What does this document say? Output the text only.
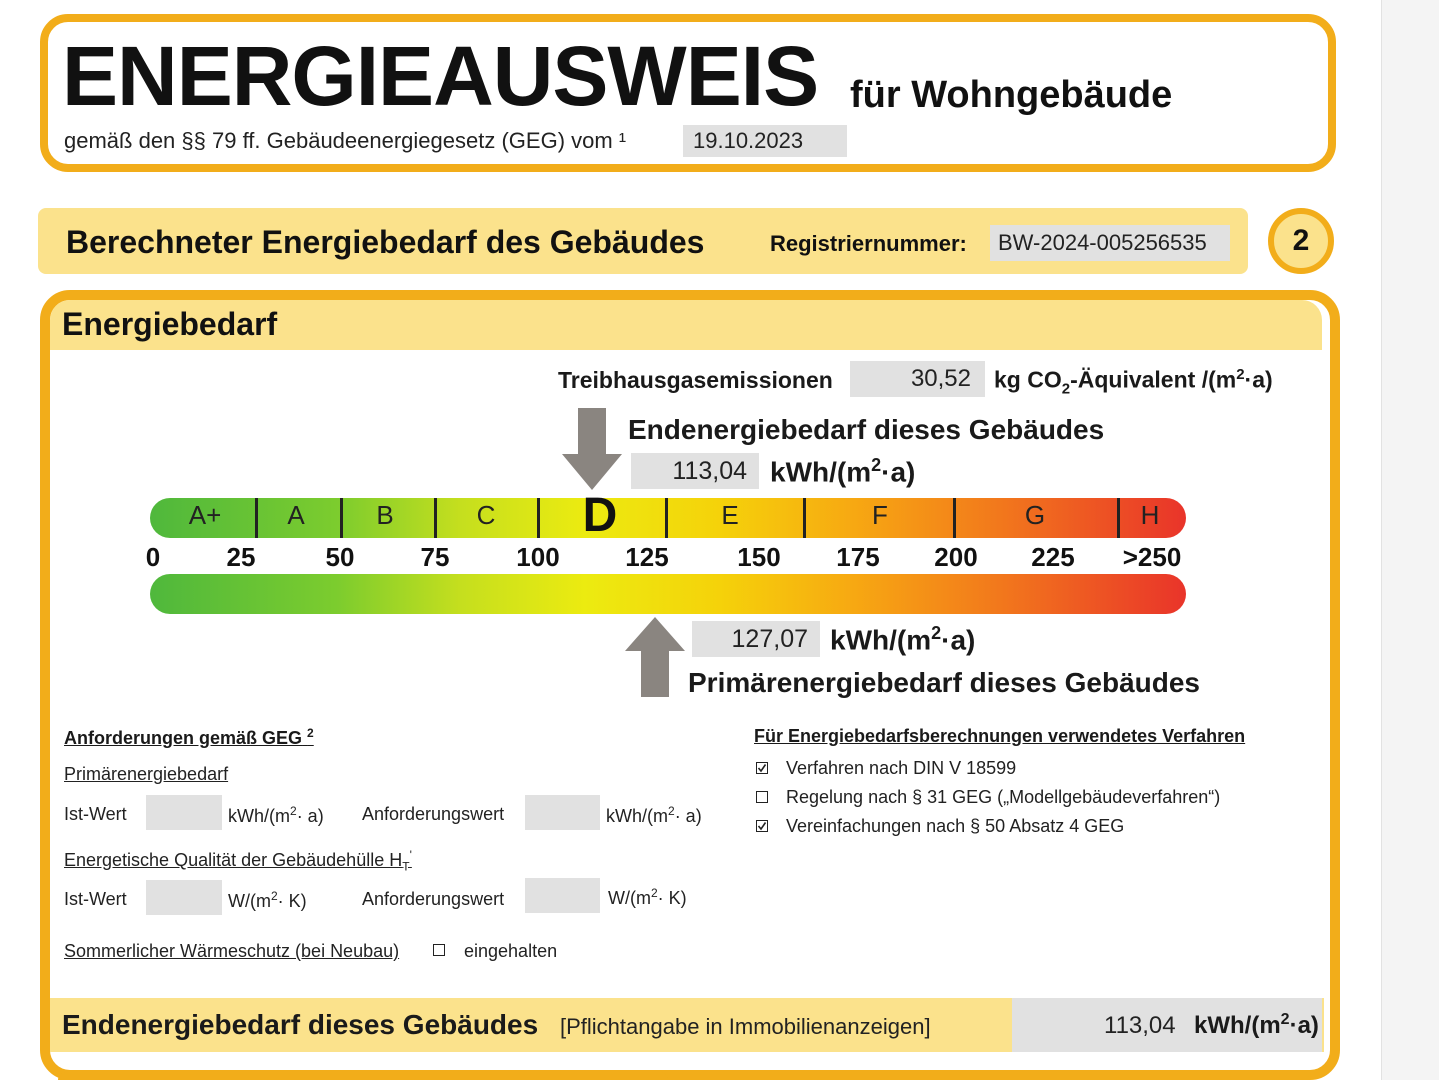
ENERGIEAUSWEIS für Wohngebäude
gemäß den §§ 79 ff. Gebäudeenergiegesetz (GEG) vom ¹	19.10.2023
Berechneter Energiebedarf des Gebäudes	Registriernummer:	BW-2024-005256535	2
Energiebedarf
Treibhausgasemissionen	30,52	kg $CO_2$-Äquivalent $/(m^2\cdot a)$
Endenergiebedarf dieses Gebäudes
113,04 kWh/$(m^2\cdot a)$
A+	A	B	C D	E	F	G	H
0	25	50	75	100	125	150 175 200 225 >250
127,07 kWh/$(m^2\cdot a)$
Primärenergiebedarf dieses Gebäudes
Anforderungen gemäß GEG $^2$
Primärenergiebedarf
Ist-Wert	kWh/$(m^2\cdot a)$ Anforderungswert	kWh/$(m^2\cdot a)$
Energetische Qualität der Gebäudehülle $H_T'$
Ist-Wert	$W/(m^2\cdot K)$	Anforderungswert	$W/(m^2\cdot K)$
Sommerlicher Wärmeschutz (bei Neubau)	eingehalten
Für Energiebedarfsberechnungen verwendetes Verfahren
Verfahren nach DIN V 18599
Regelung nach § 31 GEG („Modellgebäudeverfahren“)
Vereinfachungen nach § 50 Absatz 4 GEG
Endenergiebedarf dieses Gebäudes [Pflichtangabe in Immobilienanzeigen]	113,04 kWh/$(m^2\cdot a)$
